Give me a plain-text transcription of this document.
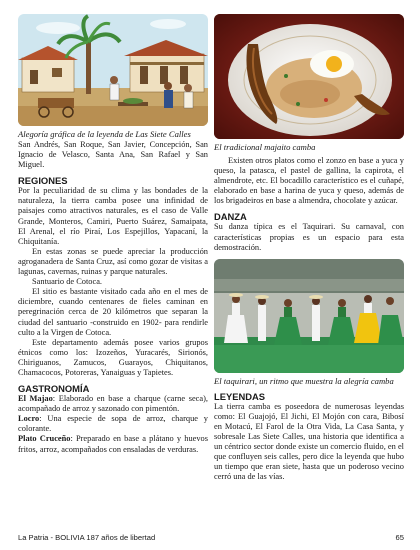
Alegoría gráfica de la leyenda de Las Siete Calles
San Andrés, San Roque, San Javier, Concepción, San Ignacio de Velasco, Santa Ana, San Rafael y San Miguel.
REGIONES
Por la peculiaridad de su clima y las bondades de la naturaleza, la tierra camba posee una infinidad de paisajes como atractivos naturales, es el caso de Valle Grande, Monteros, Camiri, Puerto Suárez, Samaipata, El Arenal, el río Piraí, Los Espejillos, Yapacaní, la Chiquitanía.
En estas zonas se puede apreciar la producción agroganadera de Santa Cruz, así como gozar de visitas a lagunas, cavernas, ruinas y parque naturales.
Santuario de Cotoca.
El sitio es bastante visitado cada año en el mes de diciembre, cuando centenares de fieles caminan en peregrinación cerca de 20 kilómetros que separan la ciudad del santuario -construido en 1902- para rendirle culto a la Virgen de Cotoca.
Este departamento además posee varios grupos étnicos como los: Izozeños, Yuracarés, Sirionós, Chiriguanos, Zamucos, Guarayos, Chiquitanos, Chamacocos, Potoreras, Yanaiguas y Tapietes.
GASTRONOMÍA
El Majao: Elaborado en base a charque (carne seca), acompañado de arroz y sazonado con pimentón.
Locro: Una especie de sopa de arroz, charque y colorante.
Plato Cruceño: Preparado en base a plátano y huevos fritos, arroz, acompañados con ensaladas de verduras.
El tradicional majaito camba
Existen otros platos como el zonzo en base a yuca y queso, la patasca, el pastel de gallina, la capirota, el almendrote, etc. El bocadillo característico es el cuñapé, elaborado en base a harina de yuca y queso, además de los brigadeiros en base a almendra, chocolate y azúcar.
DANZA
Su danza típica es el Taquirari. Su carnaval, con características propias es un espacio para esta demostración.
El taquirari, un ritmo que muestra la alegría camba
LEYENDAS
La tierra camba es poseedora de numerosas leyendas como: El Guajojó, El Jichi, El Mojón con cara, Bibosí en Motacú, El Farol de la Otra Vida, La Casa Santa, y sobresale Las Siete Calles, una historia que identifica a un céntrico sector donde existe un comercio fluido, en el que confluyen seis calles, pero dice la leyenda que hubo un tiempo que eran siete, hasta que un poderoso vecino cerró una de las vías.
La Patria - BOLIVIA 187 años de libertad	65
